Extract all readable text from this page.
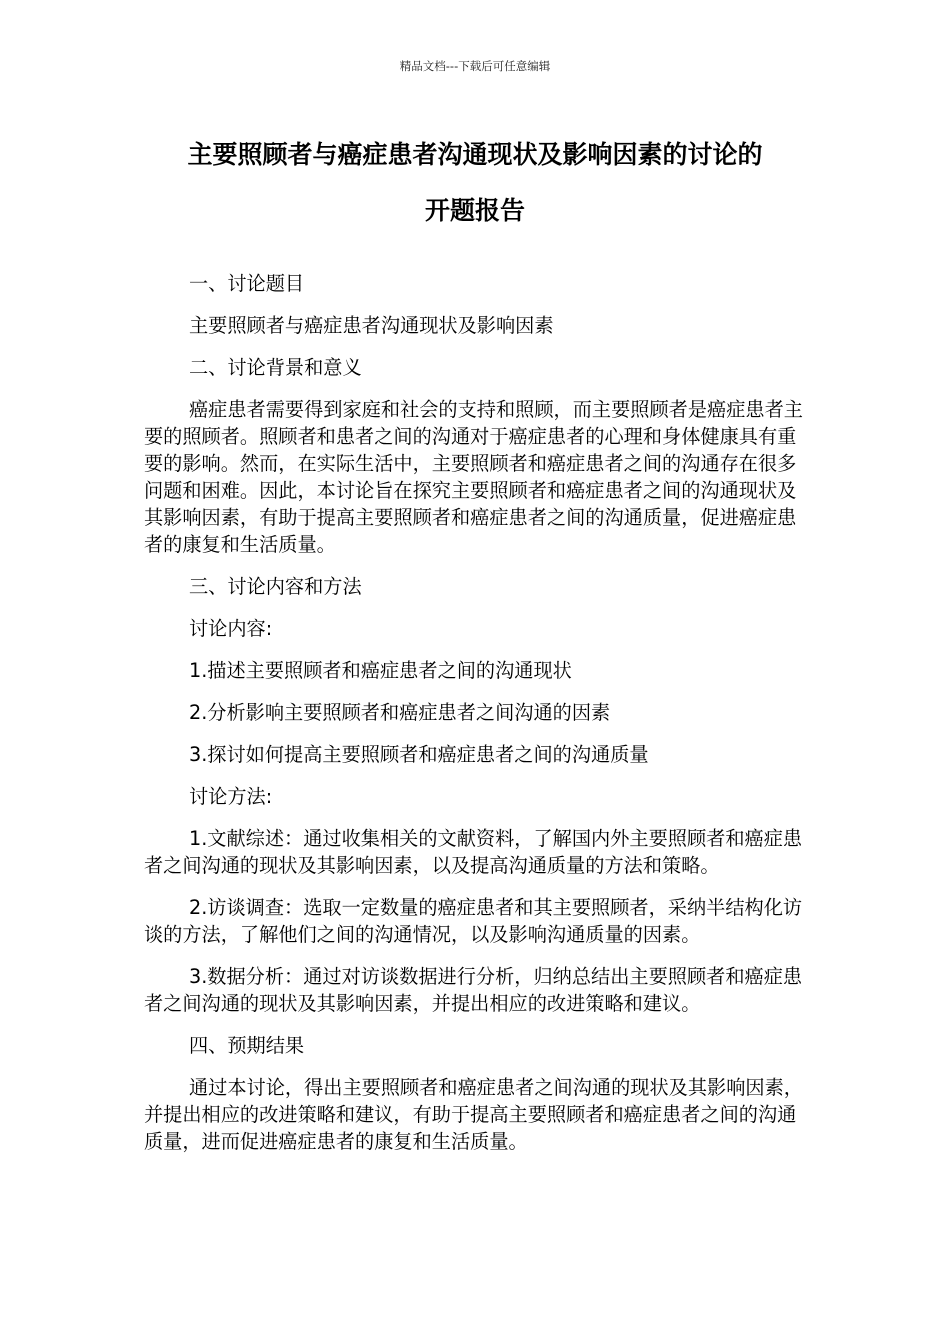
精品文档---下载后可任意编辑
主要照顾者与癌症患者沟通现状及影响因素的讨论的
开题报告

一、讨论题目

主要照顾者与癌症患者沟通现状及影响因素

二、讨论背景和意义

癌症患者需要得到家庭和社会的支持和照顾，而主要照顾者是癌症患者主要的照顾者。照顾者和患者之间的沟通对于癌症患者的心理和身体健康具有重要的影响。然而，在实际生活中，主要照顾者和癌症患者之间的沟通存在很多问题和困难。因此，本讨论旨在探究主要照顾者和癌症患者之间的沟通现状及其影响因素，有助于提高主要照顾者和癌症患者之间的沟通质量，促进癌症患者的康复和生活质量。

三、讨论内容和方法

讨论内容:

1.描述主要照顾者和癌症患者之间的沟通现状

2.分析影响主要照顾者和癌症患者之间沟通的因素

3.探讨如何提高主要照顾者和癌症患者之间的沟通质量

讨论方法:

1.文献综述：通过收集相关的文献资料，了解国内外主要照顾者和癌症患者之间沟通的现状及其影响因素，以及提高沟通质量的方法和策略。

2.访谈调查：选取一定数量的癌症患者和其主要照顾者，采纳半结构化访谈的方法，了解他们之间的沟通情况，以及影响沟通质量的因素。

3.数据分析：通过对访谈数据进行分析，归纳总结出主要照顾者和癌症患者之间沟通的现状及其影响因素，并提出相应的改进策略和建议。

四、预期结果

通过本讨论，得出主要照顾者和癌症患者之间沟通的现状及其影响因素，并提出相应的改进策略和建议，有助于提高主要照顾者和癌症患者之间的沟通质量，进而促进癌症患者的康复和生活质量。
